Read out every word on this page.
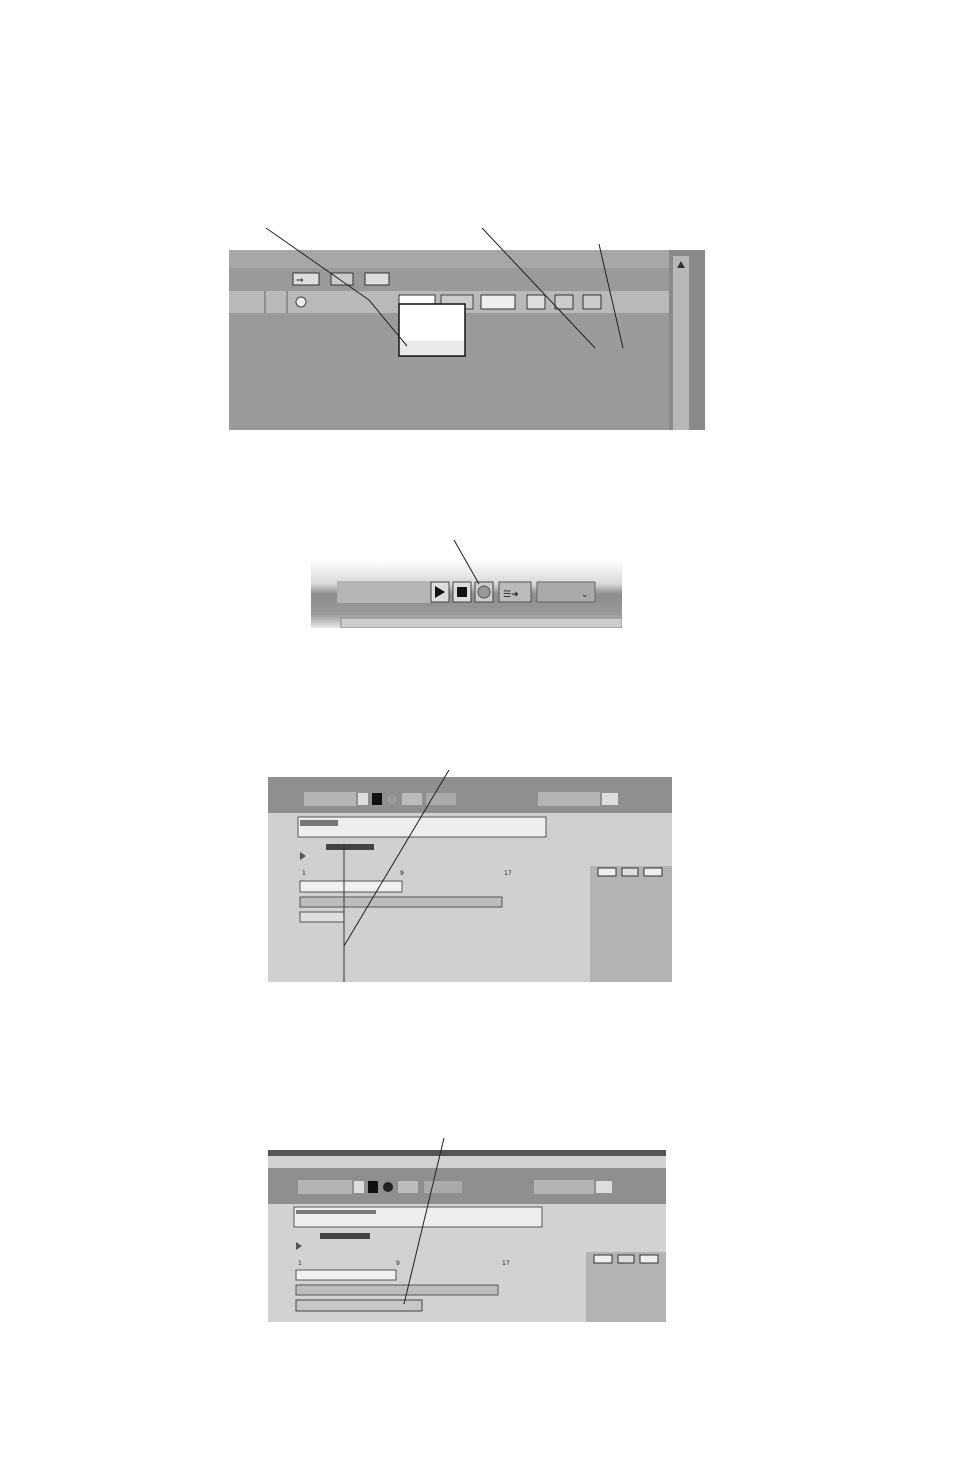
⇒

☰➔	⌄

1	9	17

1	9	17
